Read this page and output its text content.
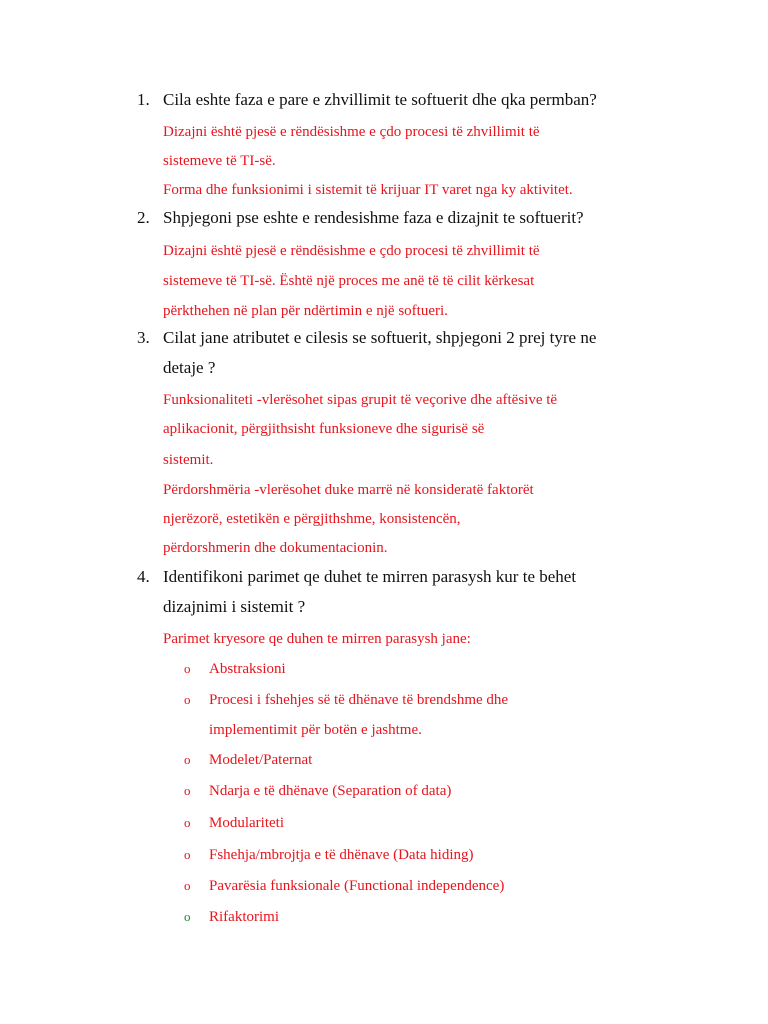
1. Cila eshte faza e pare e zhvillimit te softuerit dhe qka permban?
Dizajni është pjesë e rëndësishme e çdo procesi të zhvillimit të
sistemeve të TI-së.
Forma dhe funksionimi i sistemit të krijuar IT varet nga ky aktivitet.
2. Shpjegoni pse eshte e rendesishme faza e dizajnit te softuerit?
Dizajni është pjesë e rëndësishme e çdo procesi të zhvillimit të
sistemeve të TI-së. Është një proces me anë të të cilit kërkesat
përkthehen në plan për ndërtimin e një softueri.
3. Cilat jane atributet e cilesis se softuerit, shpjegoni 2 prej tyre ne
detaje ?
Funksionaliteti -vlerësohet sipas grupit të veçorive dhe aftësive të
aplikacionit, përgjithsisht funksioneve dhe sigurisë së
sistemit.
Përdorshmëria -vlerësohet duke marrë në konsideratë faktorët
njerëzorë, estetikën e përgjithshme, konsistencën,
përdorshmerin dhe dokumentacionin.
4. Identifikoni parimet qe duhet te mirren parasysh kur te behet
dizajnimi i sistemit ?
Parimet kryesore qe duhen te mirren parasysh jane:
o Abstraksioni
o Procesi i fshehjes së të dhënave të brendshme dhe
implementimit për botën e jashtme.
o Modelet/Paternat
o Ndarja e të dhënave (Separation of data)
o Modulariteti
o Fshehja/mbrojtja e të dhënave (Data hiding)
o Pavarësia funksionale (Functional independence)
o Rifaktorimi
